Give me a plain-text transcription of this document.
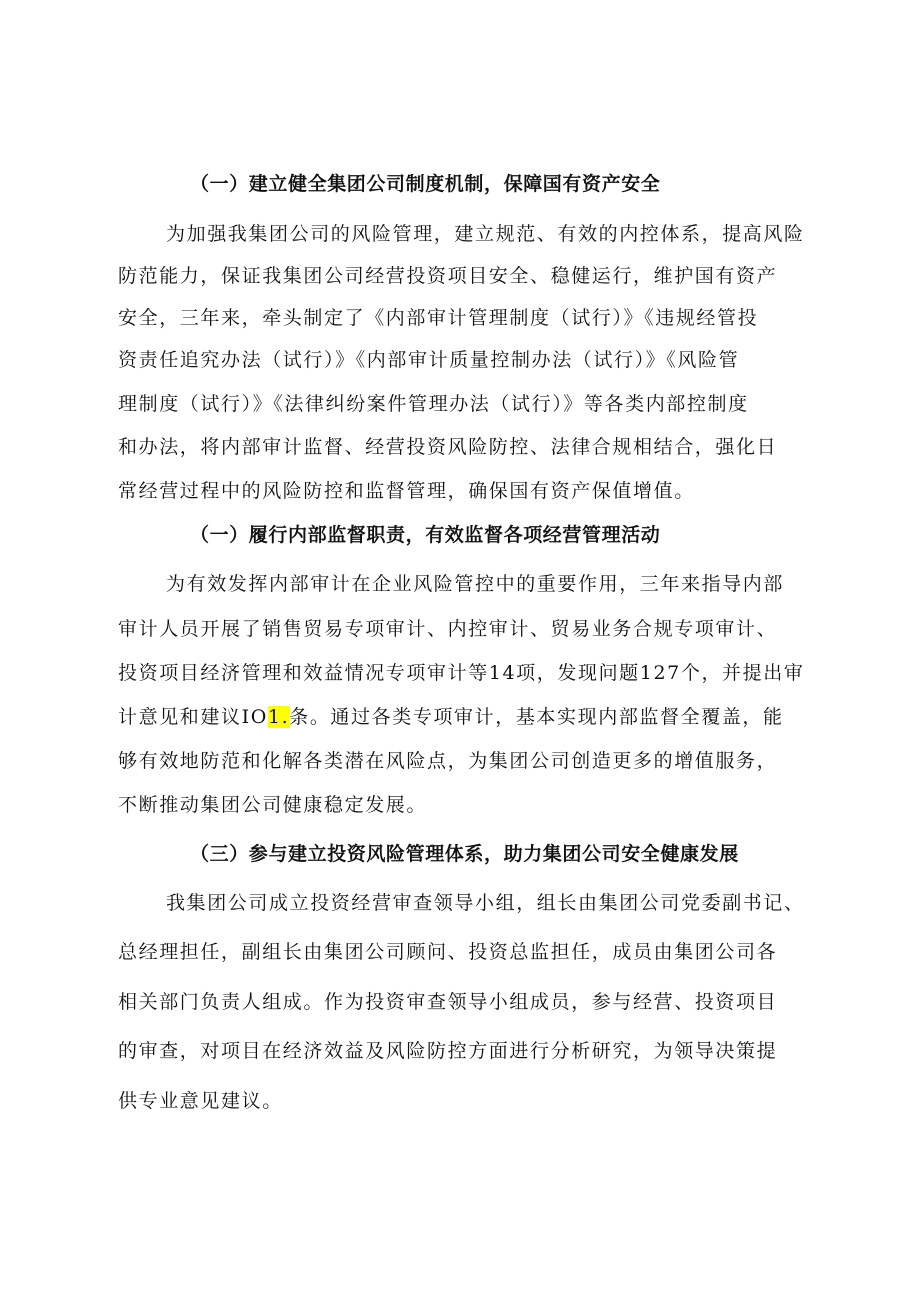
（一）建立健全集团公司制度机制，保障国有资产安全
为加强我集团公司的风险管理，建立规范、有效的内控体系，提高风险
防范能力，保证我集团公司经营投资项目安全、稳健运行，维护国有资产
安全，三年来，牵头制定了《内部审计管理制度（试行）》《违规经管投
资责任追究办法（试行）》《内部审计质量控制办法（试行）》《风险管
理制度（试行）》《法律纠纷案件管理办法（试行）》等各类内部控制度
和办法，将内部审计监督、经营投资风险防控、法律合规相结合，强化日
常经营过程中的风险防控和监督管理，确保国有资产保值增值。
（一）履行内部监督职责，有效监督各项经营管理活动
为有效发挥内部审计在企业风险管控中的重要作用，三年来指导内部
审计人员开展了销售贸易专项审计、内控审计、贸易业务合规专项审计、
投资项目经济管理和效益情况专项审计等14项，发现问题127个，并提出审
计意见和建议IO1.条。通过各类专项审计，基本实现内部监督全覆盖，能
够有效地防范和化解各类潜在风险点，为集团公司创造更多的增值服务，
不断推动集团公司健康稳定发展。
（三）参与建立投资风险管理体系，助力集团公司安全健康发展
我集团公司成立投资经营审查领导小组，组长由集团公司党委副书记、
总经理担任，副组长由集团公司顾问、投资总监担任，成员由集团公司各
相关部门负责人组成。作为投资审查领导小组成员，参与经营、投资项目
的审查，对项目在经济效益及风险防控方面进行分析研究，为领导决策提
供专业意见建议。
